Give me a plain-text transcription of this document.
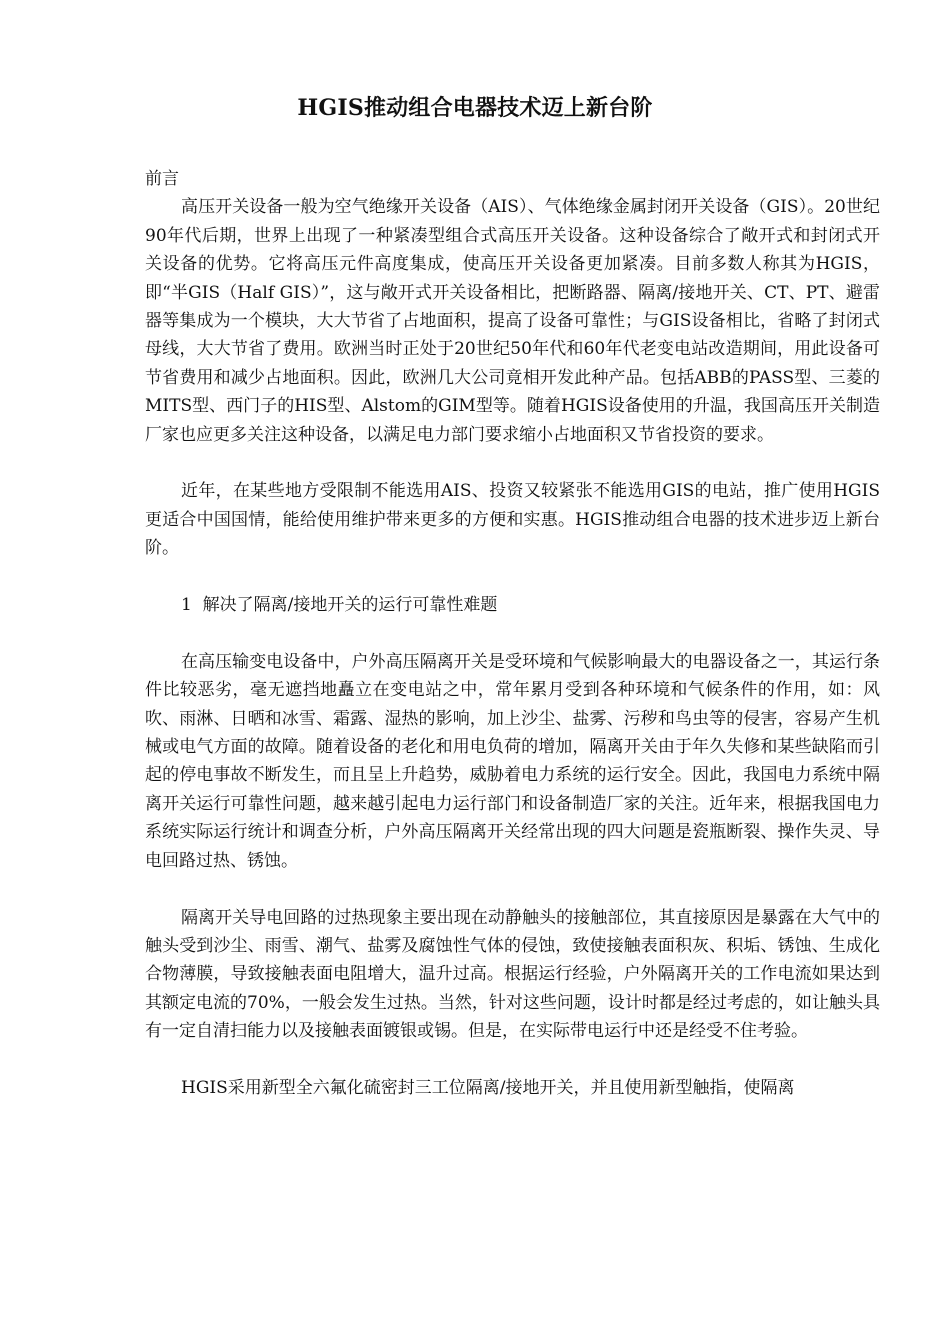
HGIS推动组合电器技术迈上新台阶

前言

高压开关设备一般为空气绝缘开关设备（AIS）、气体绝缘金属封闭开关设备（GIS）。20世纪90年代后期，世界上出现了一种紧凑型组合式高压开关设备。这种设备综合了敞开式和封闭式开关设备的优势。它将高压元件高度集成，使高压开关设备更加紧凑。目前多数人称其为HGIS，即“半GIS（Half GIS）”，这与敞开式开关设备相比，把断路器、隔离/接地开关、CT、PT、避雷器等集成为一个模块，大大节省了占地面积，提高了设备可靠性；与GIS设备相比，省略了封闭式母线，大大节省了费用。欧洲当时正处于20世纪50年代和60年代老变电站改造期间，用此设备可节省费用和减少占地面积。因此，欧洲几大公司竟相开发此种产品。包括ABB的PASS型、三菱的MITS型、西门子的HIS型、Alstom的GIM型等。随着HGIS设备使用的升温，我国高压开关制造厂家也应更多关注这种设备，以满足电力部门要求缩小占地面积又节省投资的要求。

近年，在某些地方受限制不能选用AIS、投资又较紧张不能选用GIS的电站，推广使用HGIS更适合中国国情，能给使用维护带来更多的方便和实惠。HGIS推动组合电器的技术进步迈上新台阶。

1  解决了隔离/接地开关的运行可靠性难题

在高压输变电设备中，户外高压隔离开关是受环境和气候影响最大的电器设备之一，其运行条件比较恶劣，毫无遮挡地矗立在变电站之中，常年累月受到各种环境和气候条件的作用，如：风吹、雨淋、日晒和冰雪、霜露、湿热的影响，加上沙尘、盐雾、污秽和鸟虫等的侵害，容易产生机械或电气方面的故障。随着设备的老化和用电负荷的增加，隔离开关由于年久失修和某些缺陷而引起的停电事故不断发生，而且呈上升趋势，威胁着电力系统的运行安全。因此，我国电力系统中隔离开关运行可靠性问题，越来越引起电力运行部门和设备制造厂家的关注。近年来，根据我国电力系统实际运行统计和调查分析，户外高压隔离开关经常出现的四大问题是瓷瓶断裂、操作失灵、导电回路过热、锈蚀。

隔离开关导电回路的过热现象主要出现在动静触头的接触部位，其直接原因是暴露在大气中的触头受到沙尘、雨雪、潮气、盐雾及腐蚀性气体的侵蚀，致使接触表面积灰、积垢、锈蚀、生成化合物薄膜，导致接触表面电阻增大，温升过高。根据运行经验，户外隔离开关的工作电流如果达到其额定电流的70%，一般会发生过热。当然，针对这些问题，设计时都是经过考虑的，如让触头具有一定自清扫能力以及接触表面镀银或锡。但是，在实际带电运行中还是经受不住考验。

HGIS采用新型全六氟化硫密封三工位隔离/接地开关，并且使用新型触指，使隔离
